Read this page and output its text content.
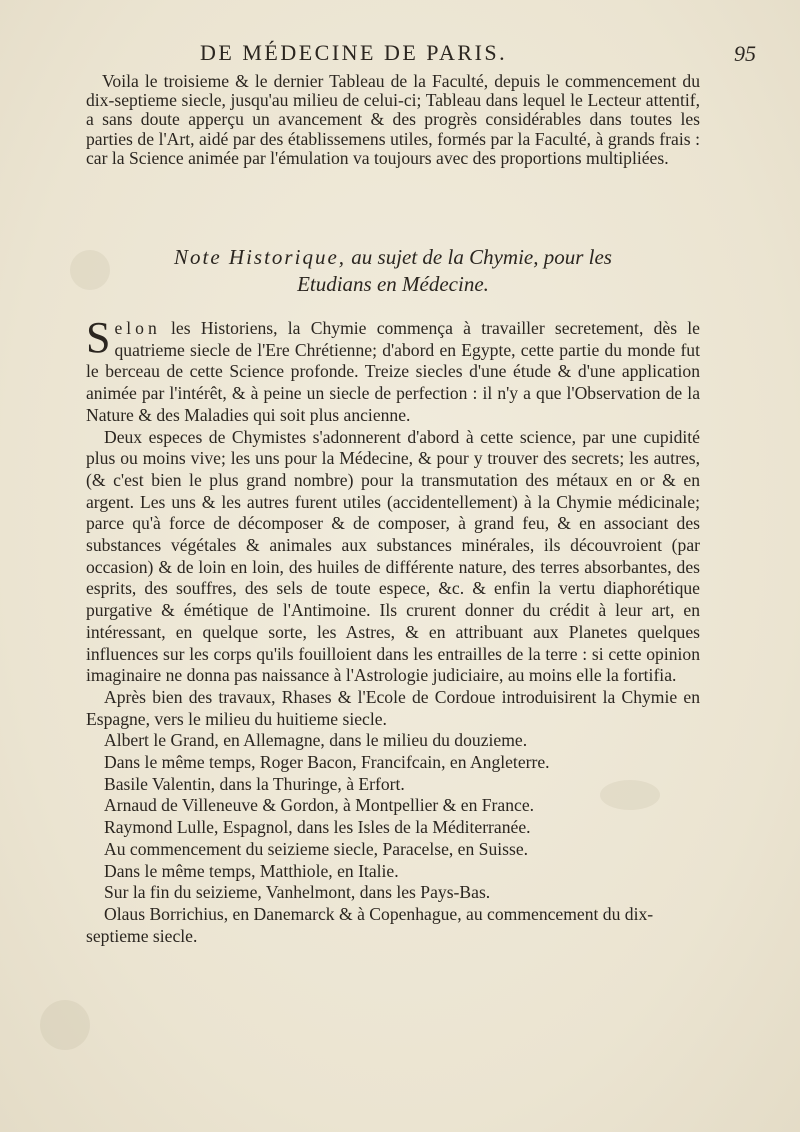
DE MÉDECINE DE PARIS.	95

Voila le troisieme & le dernier Tableau de la Faculté, depuis le commencement du dix-septieme siecle, jusqu'au milieu de celui-ci; Tableau dans lequel le Lecteur attentif, a sans doute apperçu un avancement & des progrès considérables dans toutes les parties de l'Art, aidé par des établissemens utiles, formés par la Faculté, à grands frais : car la Science animée par l'émulation va toujours avec des proportions multipliées.

Note Historique, au sujet de la Chymie, pour les
Etudians en Médecine.

Selon les Historiens, la Chymie commença à travailler secretement, dès le quatrieme siecle de l'Ere Chrétienne; d'abord en Egypte, cette partie du monde fut le berceau de cette Science profonde. Treize siecles d'une étude & d'une application animée par l'intérêt, & à peine un siecle de perfection : il n'y a que l'Observation de la Nature & des Maladies qui soit plus ancienne.

Deux especes de Chymistes s'adonnerent d'abord à cette science, par une cupidité plus ou moins vive; les uns pour la Médecine, & pour y trouver des secrets; les autres, (& c'est bien le plus grand nombre) pour la transmutation des métaux en or & en argent. Les uns & les autres furent utiles (accidentellement) à la Chymie médicinale; parce qu'à force de décomposer & de composer, à grand feu, & en associant des substances végétales & animales aux substances minérales, ils découvroient (par occasion) & de loin en loin, des huiles de différente nature, des terres absorbantes, des esprits, des souffres, des sels de toute espece, &c. & enfin la vertu diaphorétique purgative & émétique de l'Antimoine. Ils crurent donner du crédit à leur art, en intéressant, en quelque sorte, les Astres, & en attribuant aux Planetes quelques influences sur les corps qu'ils fouilloient dans les entrailles de la terre : si cette opinion imaginaire ne donna pas naissance à l'Astrologie judiciaire, au moins elle la fortifia.

Après bien des travaux, Rhases & l'Ecole de Cordoue introduisirent la Chymie en Espagne, vers le milieu du huitieme siecle.

Albert le Grand, en Allemagne, dans le milieu du douzieme.

Dans le même temps, Roger Bacon, Francifcain, en Angleterre.

Basile Valentin, dans la Thuringe, à Erfort.

Arnaud de Villeneuve & Gordon, à Montpellier & en France.

Raymond Lulle, Espagnol, dans les Isles de la Méditerranée.

Au commencement du seizieme siecle, Paracelse, en Suisse.

Dans le même temps, Matthiole, en Italie.

Sur la fin du seizieme, Vanhelmont, dans les Pays-Bas.

Olaus Borrichius, en Danemarck & à Copenhague, au commencement du dix-septieme siecle.
